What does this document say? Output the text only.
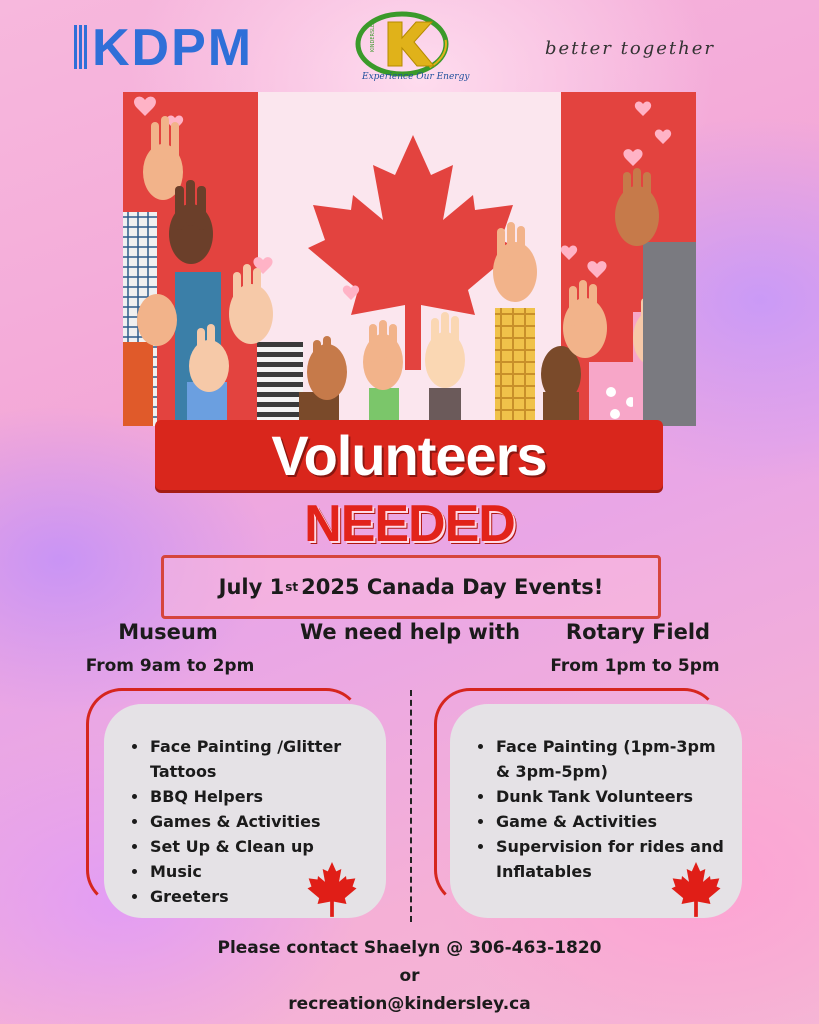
KDPM	KINDERSLEY
Experience Our Energy
better together
Volunteers
NEEDED
July 1 st 2025 Canada Day Events!
Museum
From 9am to 2pm
We need help with	Rotary Field
From 1pm to 5pm
Face Painting /Glitter Tattoos
BBQ Helpers
Games & Activities
Set Up & Clean up
Music
Greeters
Face Painting (1pm-3pm & 3pm-5pm)
Dunk Tank Volunteers
Game & Activities
Supervision for rides and Inflatables
Please contact Shaelyn @ 306-463-1820
or
recreation@kindersley.ca
